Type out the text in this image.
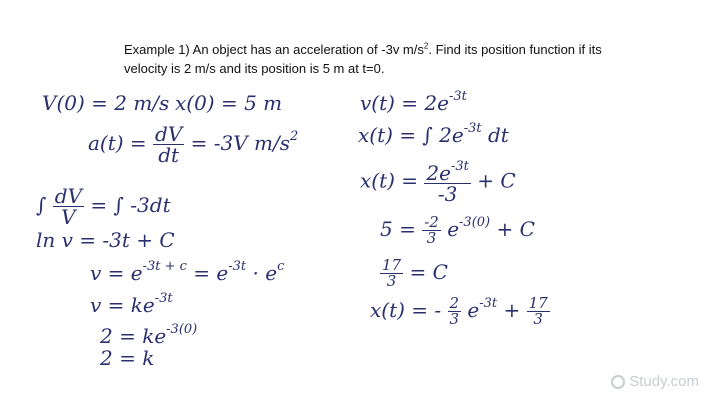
Example 1) An object has an acceleration of -3v $m/s^2$. Find its position function if its velocity is 2 m/s and its position is 5 m at t=0.
V(0) = 2 m/s x(0) = 5 m
$a(t) = \frac{dV}{dt} = -3V$ $m/s^2$
∫ $\frac{dV}{V}$ = ∫ -3dt
ln v = -3t + C
$v = e^{-3t + c} = e^{-3t} \cdot e^c$
$v = ke^{-3t}$
$2 = ke^{-3(0)}$
2 = k
$v(t) = 2e^{-3t}$
x(t) = ∫ $2e^{-3t}$ dt
$x(t) = \frac{2e^{-3t}}{-3} + C$
$5 = \frac{-2}{3} e^{-3(0)} + C$
$\frac{17}{3} = C$
x(t) = - $\frac{2}{3} e^{-3t} + \frac{17}{3}$
Study.com
